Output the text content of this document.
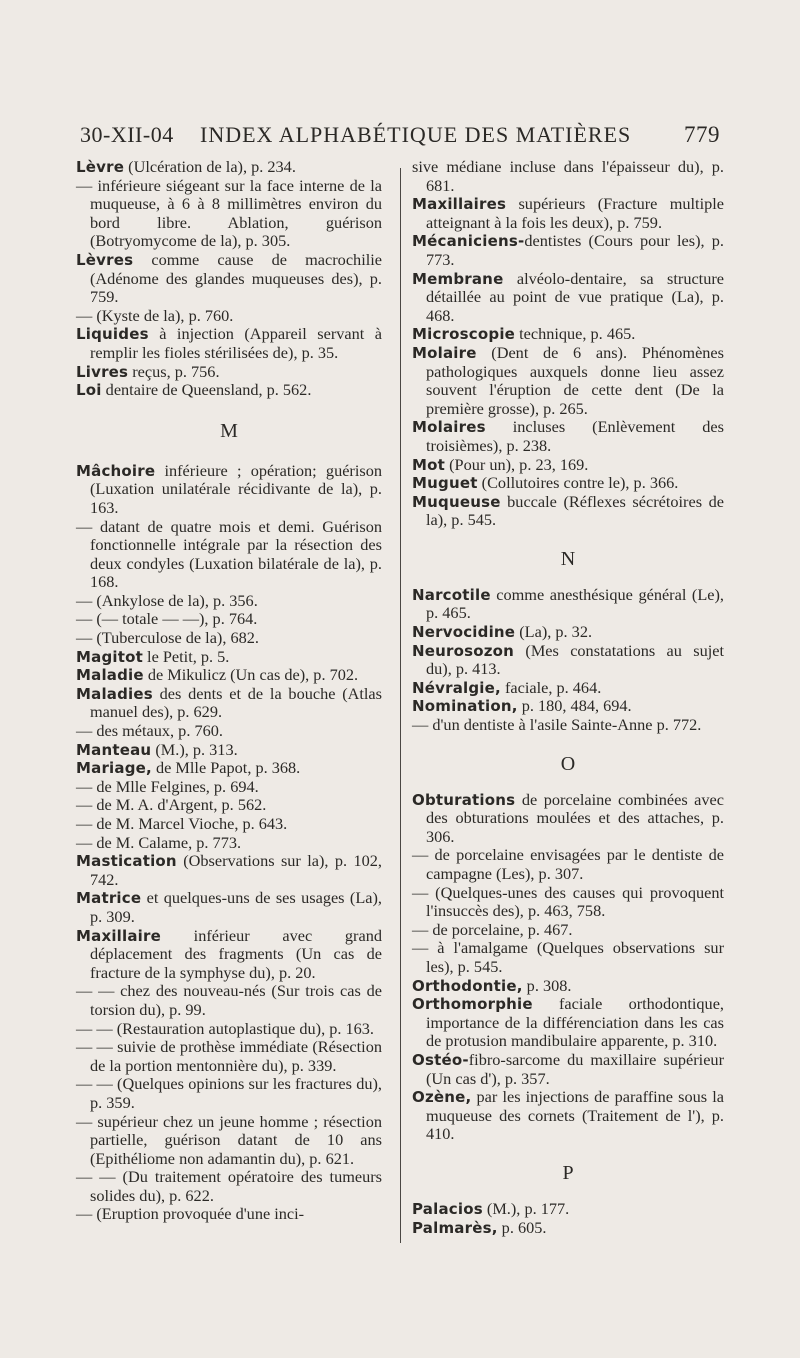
30-XII-04 INDEX ALPHABÉTIQUE DES MATIÈRES 779

Lèvre (Ulcération de la), p. 234.

— inférieure siégeant sur la face interne de la muqueuse, à 6 à 8 millimètres environ du bord libre. Ablation, guérison (Botryomycome de la), p. 305.

Lèvres comme cause de macrochilie (Adénome des glandes muqueuses des), p. 759.

— (Kyste de la), p. 760.

Liquides à injection (Appareil servant à remplir les fioles stérilisées de), p. 35.

Livres reçus, p. 756.

Loi dentaire de Queensland, p. 562.

M

Mâchoire inférieure ; opération; guérison (Luxation unilatérale récidivante de la), p. 163.

— datant de quatre mois et demi. Guérison fonctionnelle intégrale par la résection des deux condyles (Luxation bilatérale de la), p. 168.

— (Ankylose de la), p. 356.

— (— totale — —), p. 764.

— (Tuberculose de la), 682.

Magitot le Petit, p. 5.

Maladie de Mikulicz (Un cas de), p. 702.

Maladies des dents et de la bouche (Atlas manuel des), p. 629.

— des métaux, p. 760.

Manteau (M.), p. 313.

Mariage, de Mlle Papot, p. 368.

— de Mlle Felgines, p. 694.

— de M. A. d'Argent, p. 562.

— de M. Marcel Vioche, p. 643.

— de M. Calame, p. 773.

Mastication (Observations sur la), p. 102, 742.

Matrice et quelques-uns de ses usages (La), p. 309.

Maxillaire inférieur avec grand déplacement des fragments (Un cas de fracture de la symphyse du), p. 20.

— — chez des nouveau-nés (Sur trois cas de torsion du), p. 99.

— — (Restauration autoplastique du), p. 163.

— — suivie de prothèse immédiate (Résection de la portion mentonnière du), p. 339.

— — (Quelques opinions sur les fractures du), p. 359.

— supérieur chez un jeune homme ; résection partielle, guérison datant de 10 ans (Epithéliome non adamantin du), p. 621.

— — (Du traitement opératoire des tumeurs solides du), p. 622.

— (Eruption provoquée d'une inci-

sive médiane incluse dans l'épaisseur du), p. 681.

Maxillaires supérieurs (Fracture multiple atteignant à la fois les deux), p. 759.

Mécaniciens-dentistes (Cours pour les), p. 773.

Membrane alvéolo-dentaire, sa structure détaillée au point de vue pratique (La), p. 468.

Microscopie technique, p. 465.

Molaire (Dent de 6 ans). Phénomènes pathologiques auxquels donne lieu assez souvent l'éruption de cette dent (De la première grosse), p. 265.

Molaires incluses (Enlèvement des troisièmes), p. 238.

Mot (Pour un), p. 23, 169.

Muguet (Collutoires contre le), p. 366.

Muqueuse buccale (Réflexes sécrétoires de la), p. 545.

N

Narcotile comme anesthésique général (Le), p. 465.

Nervocidine (La), p. 32.

Neurosozon (Mes constatations au sujet du), p. 413.

Névralgie, faciale, p. 464.

Nomination, p. 180, 484, 694.

— d'un dentiste à l'asile Sainte-Anne p. 772.

O

Obturations de porcelaine combinées avec des obturations moulées et des attaches, p. 306.

— de porcelaine envisagées par le dentiste de campagne (Les), p. 307.

— (Quelques-unes des causes qui provoquent l'insuccès des), p. 463, 758.

— de porcelaine, p. 467.

— à l'amalgame (Quelques observations sur les), p. 545.

Orthodontie, p. 308.

Orthomorphie faciale orthodontique, importance de la différenciation dans les cas de protusion mandibulaire apparente, p. 310.

Ostéo-fibro-sarcome du maxillaire supérieur (Un cas d'), p. 357.

Ozène, par les injections de paraffine sous la muqueuse des cornets (Traitement de l'), p. 410.

P

Palacios (M.), p. 177.

Palmarès, p. 605.
